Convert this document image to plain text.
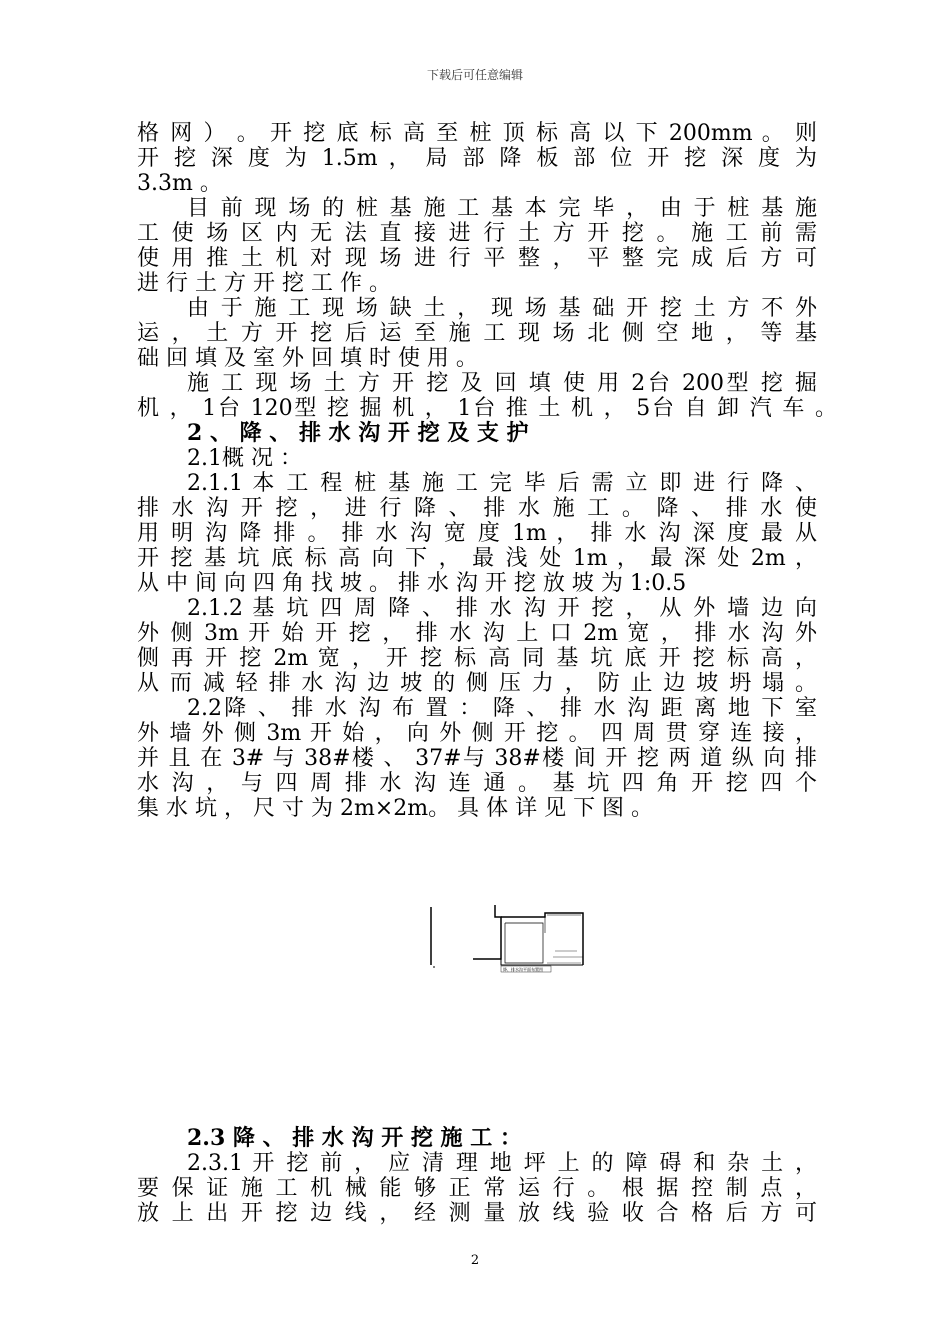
下载后可任意编辑
格 网 ） 。 开 挖 底 标 高 至 桩 顶 标 高 以 下 200mm 。 则
开 挖 深 度 为 1.5m ， 局 部 降 板 部 位 开 挖 深 度 为
3.3m 。
目 前 现 场 的 桩 基 施 工 基 本 完 毕 ， 由 于 桩 基 施
工 使 场 区 内 无 法 直 接 进 行 土 方 开 挖 。 施 工 前 需
使 用 推 土 机 对 现 场 进 行 平 整 ， 平 整 完 成 后 方 可
进 行 土 方 开 挖 工 作 。
由 于 施 工 现 场 缺 土 ， 现 场 基 础 开 挖 土 方 不 外
运 ， 土 方 开 挖 后 运 至 施 工 现 场 北 侧 空 地 ， 等 基
础 回 填 及 室 外 回 填 时 使 用 。
施 工 现 场 土 方 开 挖 及 回 填 使 用 2台 200型 挖 掘
机 ， 1台 120型 挖 掘 机 ， 1台 推 土 机 ， 5台 自 卸 汽 车 。
2 、 降 、 排 水 沟 开 挖 及 支 护
2.1概 况 ：
2.1.1 本 工 程 桩 基 施 工 完 毕 后 需 立 即 进 行 降 、
排 水 沟 开 挖 ， 进 行 降 、 排 水 施 工 。 降 、 排 水 使
用 明 沟 降 排 。 排 水 沟 宽 度 1m ， 排 水 沟 深 度 最 从
开 挖 基 坑 底 标 高 向 下 ， 最 浅 处 1m ， 最 深 处 2m ，
从 中 间 向 四 角 找 坡 。 排 水 沟 开 挖 放 坡 为 1:0.5
2.1.2 基 坑 四 周 降 、 排 水 沟 开 挖 ， 从 外 墙 边 向
外 侧 3m 开 始 开 挖 ， 排 水 沟 上 口 2m 宽 ， 排 水 沟 外
侧 再 开 挖 2m 宽 ， 开 挖 标 高 同 基 坑 底 开 挖 标 高 ，
从 而 减 轻 排 水 沟 边 坡 的 侧 压 力 ， 防 止 边 坡 坍 塌 。
2.2降 、 排 水 沟 布 置 ： 降 、 排 水 沟 距 离 地 下 室
外 墙 外 侧 3m 开 始 ， 向 外 侧 开 挖 。 四 周 贯 穿 连 接 ，
并 且 在 3# 与 38#楼 、 37#与 38#楼 间 开 挖 两 道 纵 向 排
水 沟 ， 与 四 周 排 水 沟 连 通 。 基 坑 四 角 开 挖 四 个
集 水 坑 ， 尺 寸 为 2m×2m。 具 体 详 见 下 图 。
降、排水沟平面布置图
2.3 降 、 排 水 沟 开 挖 施 工 ：
2.3.1 开 挖 前 ， 应 清 理 地 坪 上 的 障 碍 和 杂 土 ，
要 保 证 施 工 机 械 能 够 正 常 运 行 。 根 据 控 制 点 ，
放 上 出 开 挖 边 线 ， 经 测 量 放 线 验 收 合 格 后 方 可
2
